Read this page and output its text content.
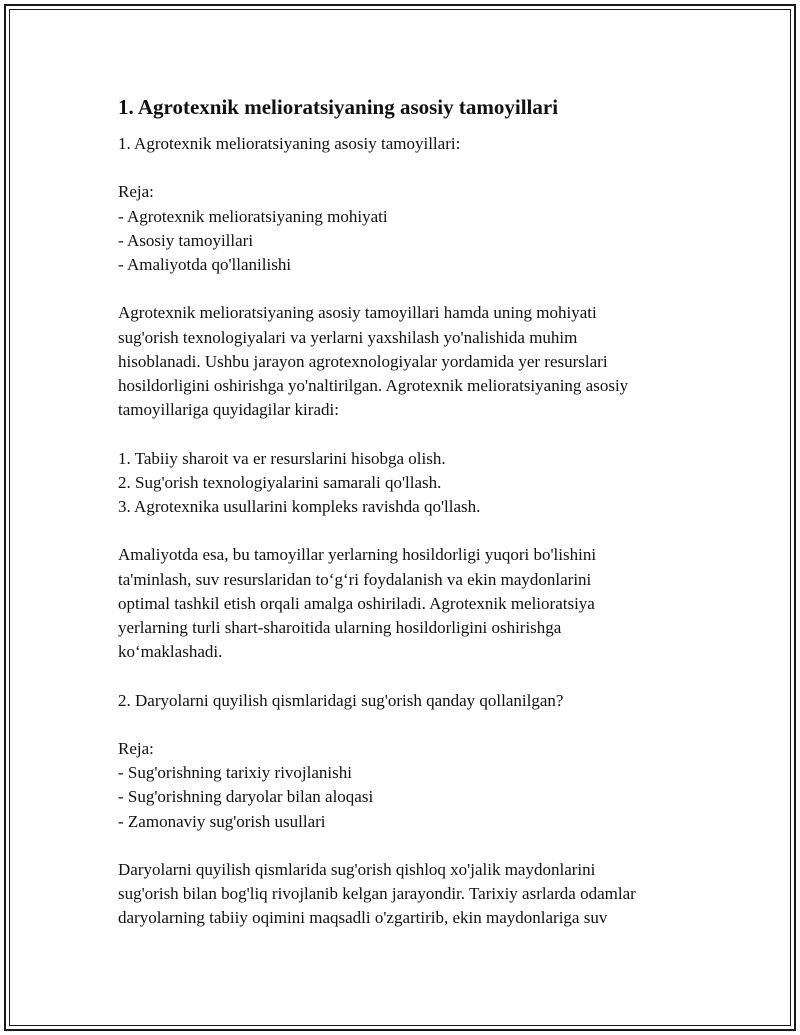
1. Agrotexnik melioratsiyaning asosiy tamoyillari

1. Agrotexnik melioratsiyaning asosiy tamoyillari:

Reja:

- Agrotexnik melioratsiyaning mohiyati

- Asosiy tamoyillari

- Amaliyotda qo'llanilishi

Agrotexnik melioratsiyaning asosiy tamoyillari hamda uning mohiyati

sug'orish texnologiyalari va yerlarni yaxshilash yo'nalishida muhim

hisoblanadi. Ushbu jarayon agrotexnologiyalar yordamida yer resurslari

hosildorligini oshirishga yo'naltirilgan. Agrotexnik melioratsiyaning asosiy

tamoyillariga quyidagilar kiradi:

1. Tabiiy sharoit va er resurslarini hisobga olish.

2. Sug'orish texnologiyalarini samarali qo'llash.

3. Agrotexnika usullarini kompleks ravishda qo'llash.

Amaliyotda esa, bu tamoyillar yerlarning hosildorligi yuqori bo'lishini

ta'minlash, suv resurslaridan to‘g‘ri foydalanish va ekin maydonlarini

optimal tashkil etish orqali amalga oshiriladi. Agrotexnik melioratsiya

yerlarning turli shart-sharoitida ularning hosildorligini oshirishga

ko‘maklashadi.

2. Daryolarni quyilish qismlaridagi sug'orish qanday qollanilgan?

Reja:

- Sug'orishning tarixiy rivojlanishi

- Sug'orishning daryolar bilan aloqasi

- Zamonaviy sug'orish usullari

Daryolarni quyilish qismlarida sug'orish qishloq xo'jalik maydonlarini

sug'orish bilan bog'liq rivojlanib kelgan jarayondir. Tarixiy asrlarda odamlar

daryolarning tabiiy oqimini maqsadli o'zgartirib, ekin maydonlariga suv
